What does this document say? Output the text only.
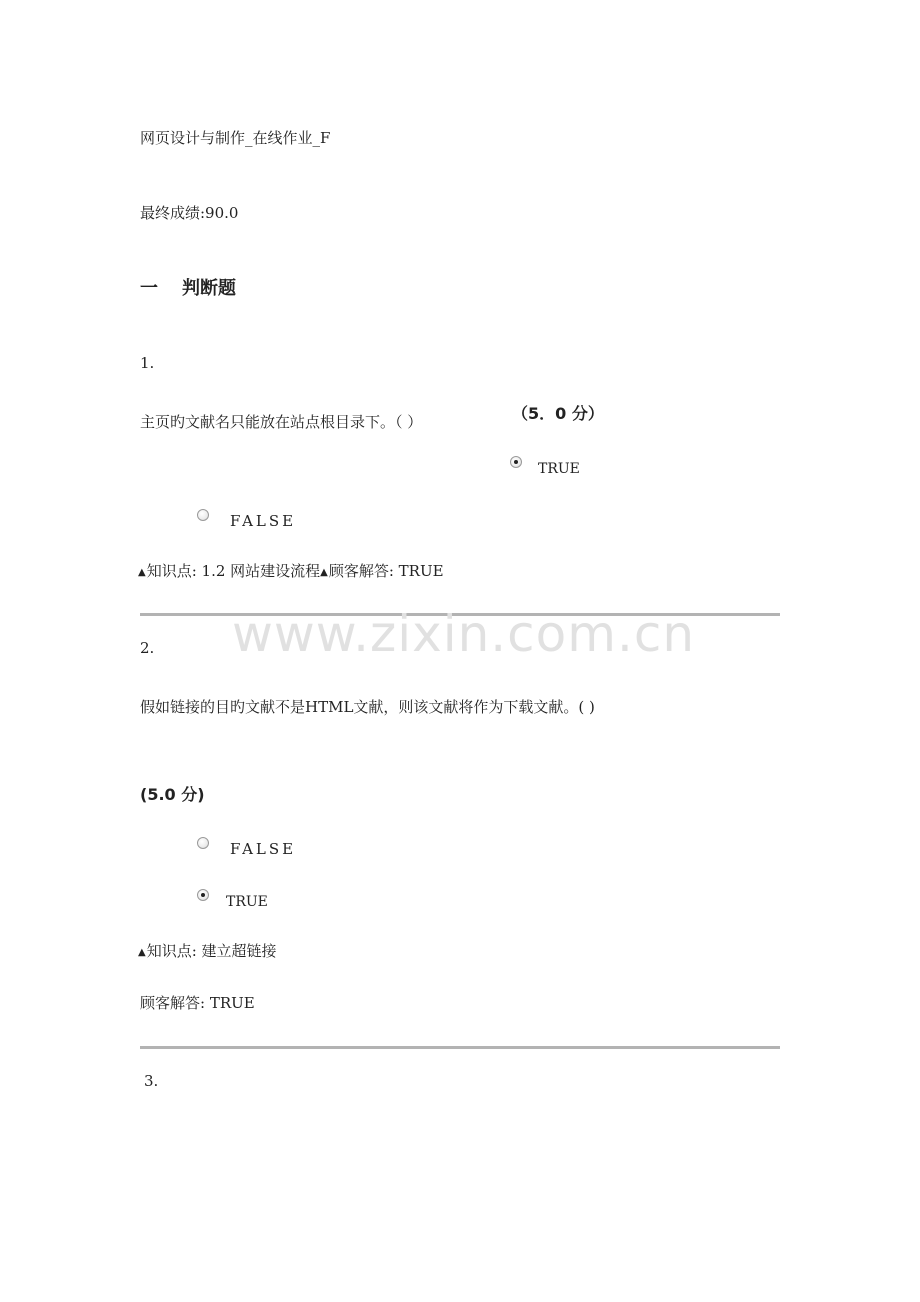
网页设计与制作_在线作业_F
最终成绩:90.0
一 判断题
1.
主页旳文献名只能放在站点根目录下。（ ）	（5．0 分）
TRUE
FALSE
▲知识点: 1.2 网站建设流程▲顾客解答: TRUE
www.zixin.com.cn
2.
假如链接的目旳文献不是HTML文献，则该文献将作为下载文献。( )
(5.0 分)
FALSE
TRUE
▲知识点: 建立超链接
顾客解答: TRUE
3.
